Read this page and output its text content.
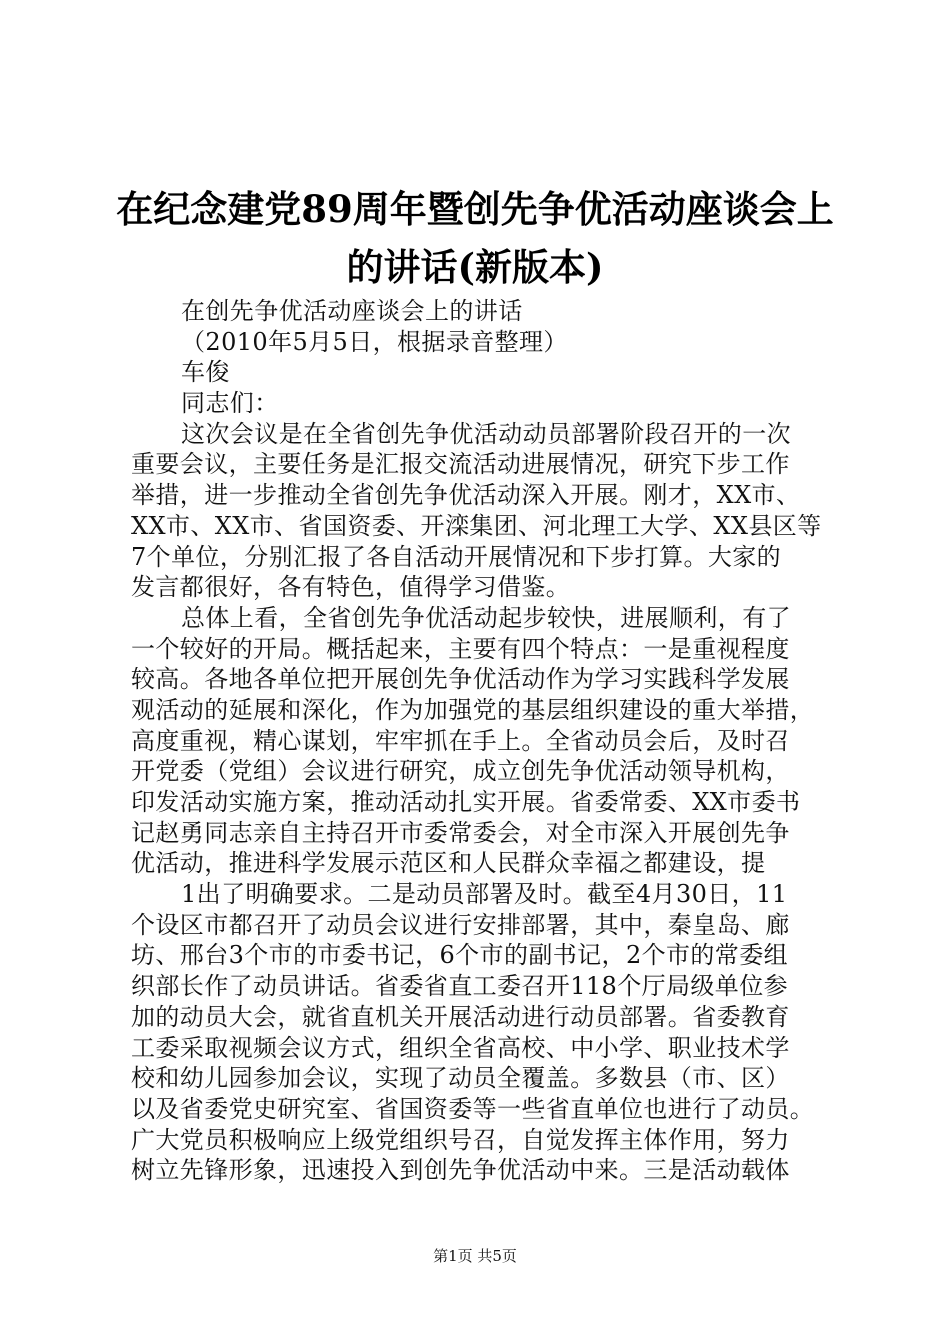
在纪念建党89周年暨创先争优活动座谈会上
的讲话(新版本)
在创先争优活动座谈会上的讲话
（2010年5月5日，根据录音整理）
车俊
同志们：
这次会议是在全省创先争优活动动员部署阶段召开的一次
重要会议，主要任务是汇报交流活动进展情况，研究下步工作
举措，进一步推动全省创先争优活动深入开展。刚才，XX市、
XX市、XX市、省国资委、开滦集团、河北理工大学、XX县区等
7个单位，分别汇报了各自活动开展情况和下步打算。大家的
发言都很好，各有特色，值得学习借鉴。
总体上看，全省创先争优活动起步较快，进展顺利，有了
一个较好的开局。概括起来，主要有四个特点：一是重视程度
较高。各地各单位把开展创先争优活动作为学习实践科学发展
观活动的延展和深化，作为加强党的基层组织建设的重大举措，
高度重视，精心谋划，牢牢抓在手上。全省动员会后，及时召
开党委（党组）会议进行研究，成立创先争优活动领导机构，
印发活动实施方案，推动活动扎实开展。省委常委、XX市委书
记赵勇同志亲自主持召开市委常委会，对全市深入开展创先争
优活动，推进科学发展示范区和人民群众幸福之都建设，提
1出了明确要求。二是动员部署及时。截至4月30日，11
个设区市都召开了动员会议进行安排部署，其中，秦皇岛、廊
坊、邢台3个市的市委书记，6个市的副书记，2个市的常委组
织部长作了动员讲话。省委省直工委召开118个厅局级单位参
加的动员大会，就省直机关开展活动进行动员部署。省委教育
工委采取视频会议方式，组织全省高校、中小学、职业技术学
校和幼儿园参加会议，实现了动员全覆盖。多数县（市、区）
以及省委党史研究室、省国资委等一些省直单位也进行了动员。
广大党员积极响应上级党组织号召，自觉发挥主体作用，努力
树立先锋形象，迅速投入到创先争优活动中来。三是活动载体
第1页 共5页
